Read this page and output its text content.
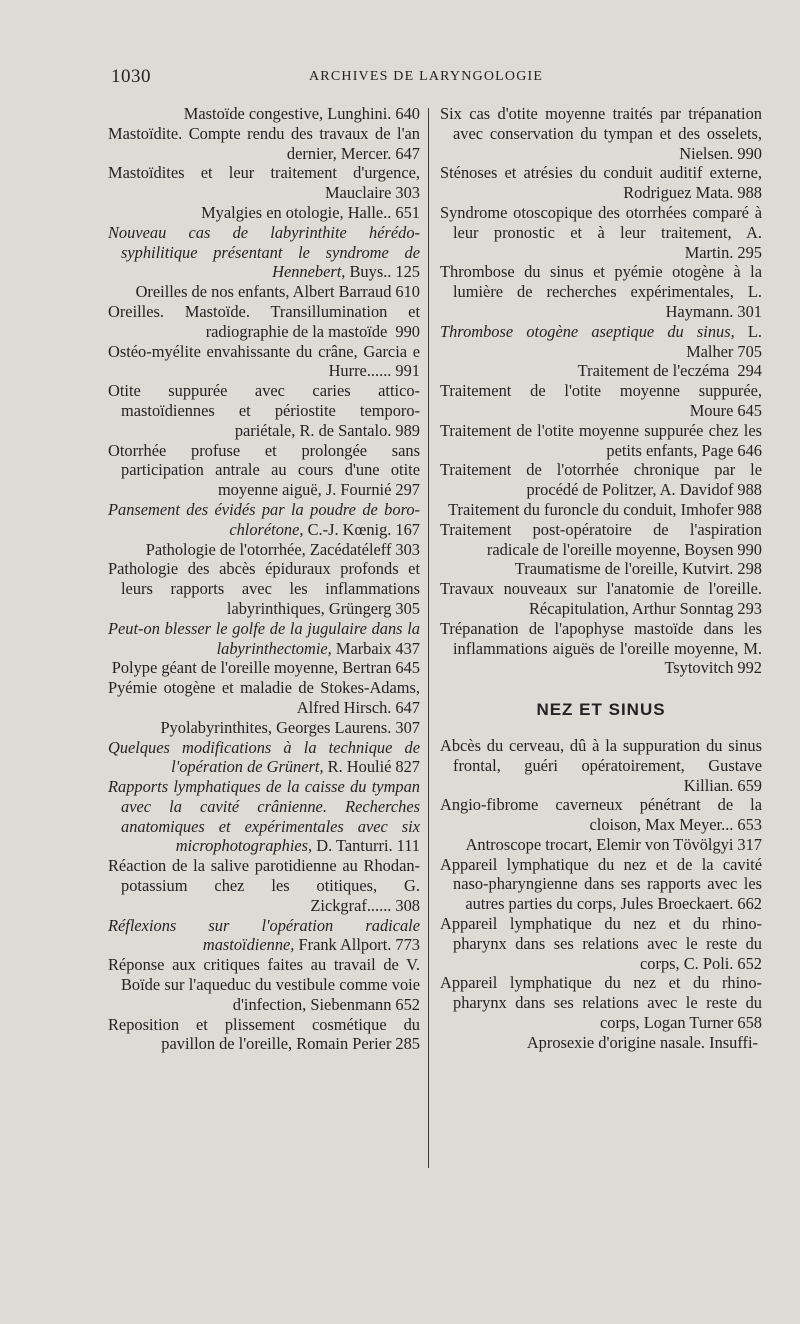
1030	ARCHIVES DE LARYNGOLOGIE

Mastoïde congestive, Lunghini. 640

Mastoïdite. Compte rendu des travaux de l'an dernier, Mercer. 647

Mastoïdites et leur traitement d'urgence, Mauclaire 303

Myalgies en otologie, Halle.. 651

Nouveau cas de labyrinthite hérédo-syphilitique présentant le syndrome de Hennebert, Buys.. 125

Oreilles de nos enfants, Albert Barraud 610

Oreilles. Mastoïde. Transillumination et radiographie de la mastoïde 990

Ostéo-myélite envahissante du crâne, Garcia e Hurre...... 991

Otite suppurée avec caries attico-mastoïdiennes et périostite temporo-pariétale, R. de Santalo. 989

Otorrhée profuse et prolongée sans participation antrale au cours d'une otite moyenne aiguë, J. Fournié 297

Pansement des évidés par la poudre de boro-chlorétone, C.-J. Kœnig. 167

Pathologie de l'otorrhée, Zacédatéleff 303

Pathologie des abcès épiduraux profonds et leurs rapports avec les inflammations labyrinthiques, Grüngerg 305

Peut-on blesser le golfe de la jugulaire dans la labyrinthectomie, Marbaix 437

Polype géant de l'oreille moyenne, Bertran 645

Pyémie otogène et maladie de Stokes-Adams, Alfred Hirsch. 647

Pyolabyrinthites, Georges Laurens. 307

Quelques modifications à la technique de l'opération de Grünert, R. Houlié 827

Rapports lymphatiques de la caisse du tympan avec la cavité crânienne. Recherches anatomiques et expérimentales avec six microphotographies, D. Tanturri. 111

Réaction de la salive parotidienne au Rhodan-potassium chez les otitiques, G. Zickgraf...... 308

Réflexions sur l'opération radicale mastoïdienne, Frank Allport. 773

Réponse aux critiques faites au travail de V. Boïde sur l'aqueduc du vestibule comme voie d'infection, Siebenmann 652

Reposition et plissement cosmétique du pavillon de l'oreille, Romain Perier 285

Six cas d'otite moyenne traités par trépanation avec conservation du tympan et des osselets, Nielsen. 990

Sténoses et atrésies du conduit auditif externe, Rodriguez Mata. 988

Syndrome otoscopique des otorrhées comparé à leur pronostic et à leur traitement, A. Martin. 295

Thrombose du sinus et pyémie otogène à la lumière de recherches expérimentales, L. Haymann. 301

Thrombose otogène aseptique du sinus, L. Malher 705

Traitement de l'eczéma 294

Traitement de l'otite moyenne suppurée, Moure 645

Traitement de l'otite moyenne suppurée chez les petits enfants, Page 646

Traitement de l'otorrhée chronique par le procédé de Politzer, A. Davidof 988

Traitement du furoncle du conduit, Imhofer 988

Traitement post-opératoire de l'aspiration radicale de l'oreille moyenne, Boysen 990

Traumatisme de l'oreille, Kutvirt. 298

Travaux nouveaux sur l'anatomie de l'oreille. Récapitulation, Arthur Sonntag 293

Trépanation de l'apophyse mastoïde dans les inflammations aiguës de l'oreille moyenne, M. Tsytovitch 992

NEZ ET SINUS

Abcès du cerveau, dû à la suppuration du sinus frontal, guéri opératoirement, Gustave Killian. 659

Angio-fibrome caverneux pénétrant de la cloison, Max Meyer... 653

Antroscope trocart, Elemir von Tövölgyi 317

Appareil lymphatique du nez et de la cavité naso-pharyngienne dans ses rapports avec les autres parties du corps, Jules Broeckaert. 662

Appareil lymphatique du nez et du rhino-pharynx dans ses relations avec le reste du corps, C. Poli. 652

Appareil lymphatique du nez et du rhino-pharynx dans ses relations avec le reste du corps, Logan Turner 658

Aprosexie d'origine nasale. Insuffi-
